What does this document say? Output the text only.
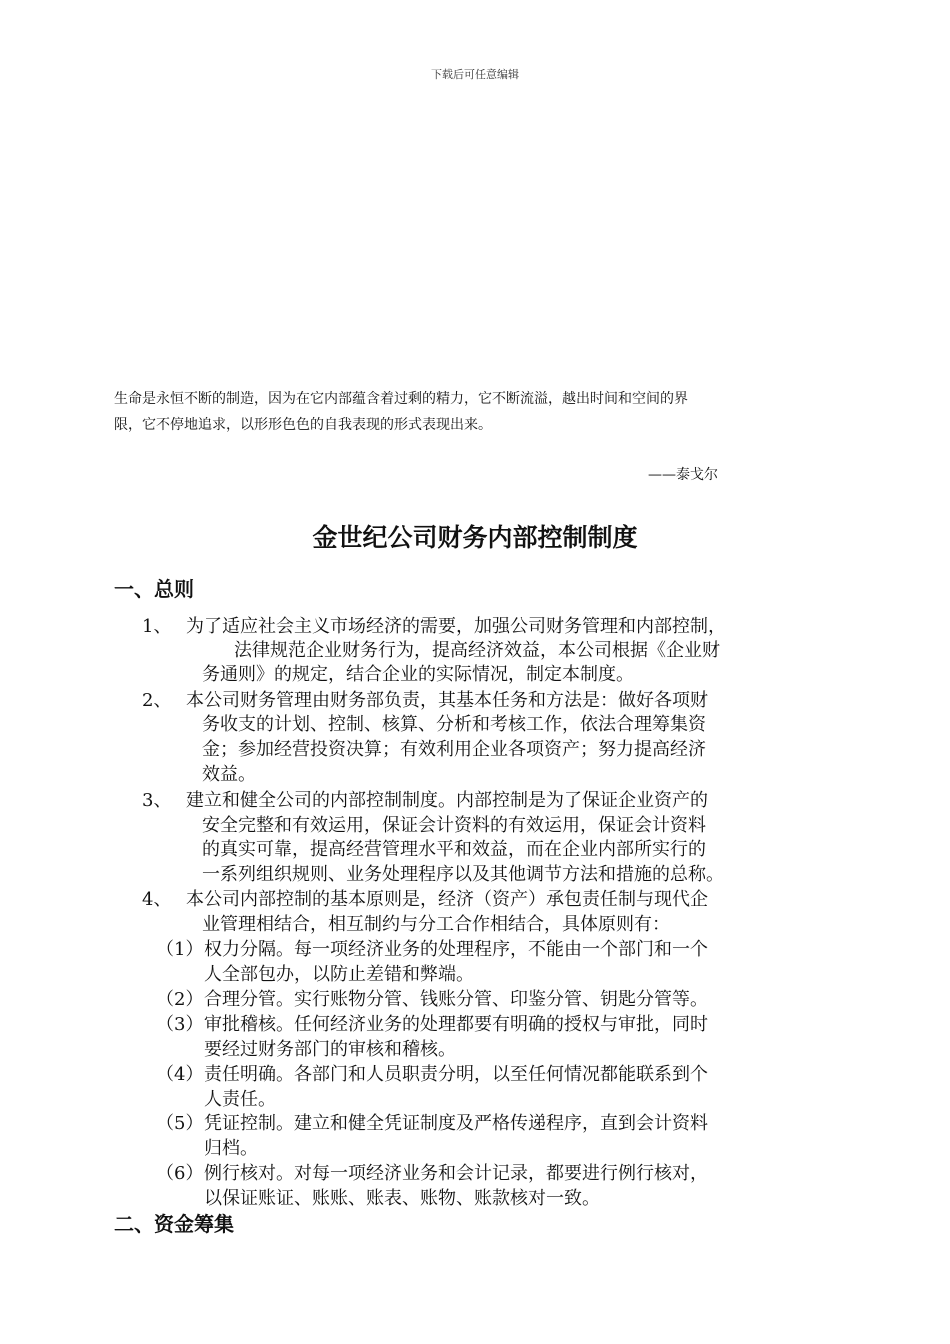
下载后可任意编辑
生命是永恒不断的制造，因为在它内部蕴含着过剩的精力，它不断流溢，越出时间和空间的界
限，它不停地追求，以形形色色的自我表现的形式表现出来。
——泰戈尔
金世纪公司财务内部控制制度
一、总则
1、 为了适应社会主义市场经济的需要，加强公司财务管理和内部控制，
法律规范企业财务行为，提高经济效益，本公司根据《企业财
务通则》的规定，结合企业的实际情况，制定本制度。
2、 本公司财务管理由财务部负责，其基本任务和方法是：做好各项财
务收支的计划、控制、核算、分析和考核工作，依法合理筹集资
金；参加经营投资决算；有效利用企业各项资产；努力提高经济
效益。
3、 建立和健全公司的内部控制制度。内部控制是为了保证企业资产的
安全完整和有效运用，保证会计资料的有效运用，保证会计资料
的真实可靠，提高经营管理水平和效益，而在企业内部所实行的
一系列组织规则、业务处理程序以及其他调节方法和措施的总称。
4、 本公司内部控制的基本原则是，经济（资产）承包责任制与现代企
业管理相结合，相互制约与分工合作相结合，具体原则有：
（1） 权力分隔。每一项经济业务的处理程序，不能由一个部门和一个
人全部包办，以防止差错和弊端。
（2） 合理分管。实行账物分管、钱账分管、印鉴分管、钥匙分管等。
（3） 审批稽核。任何经济业务的处理都要有明确的授权与审批，同时
要经过财务部门的审核和稽核。
（4） 责任明确。各部门和人员职责分明，以至任何情况都能联系到个
人责任。
（5） 凭证控制。建立和健全凭证制度及严格传递程序，直到会计资料
归档。
（6） 例行核对。对每一项经济业务和会计记录，都要进行例行核对，
以保证账证、账账、账表、账物、账款核对一致。
二、资金筹集
